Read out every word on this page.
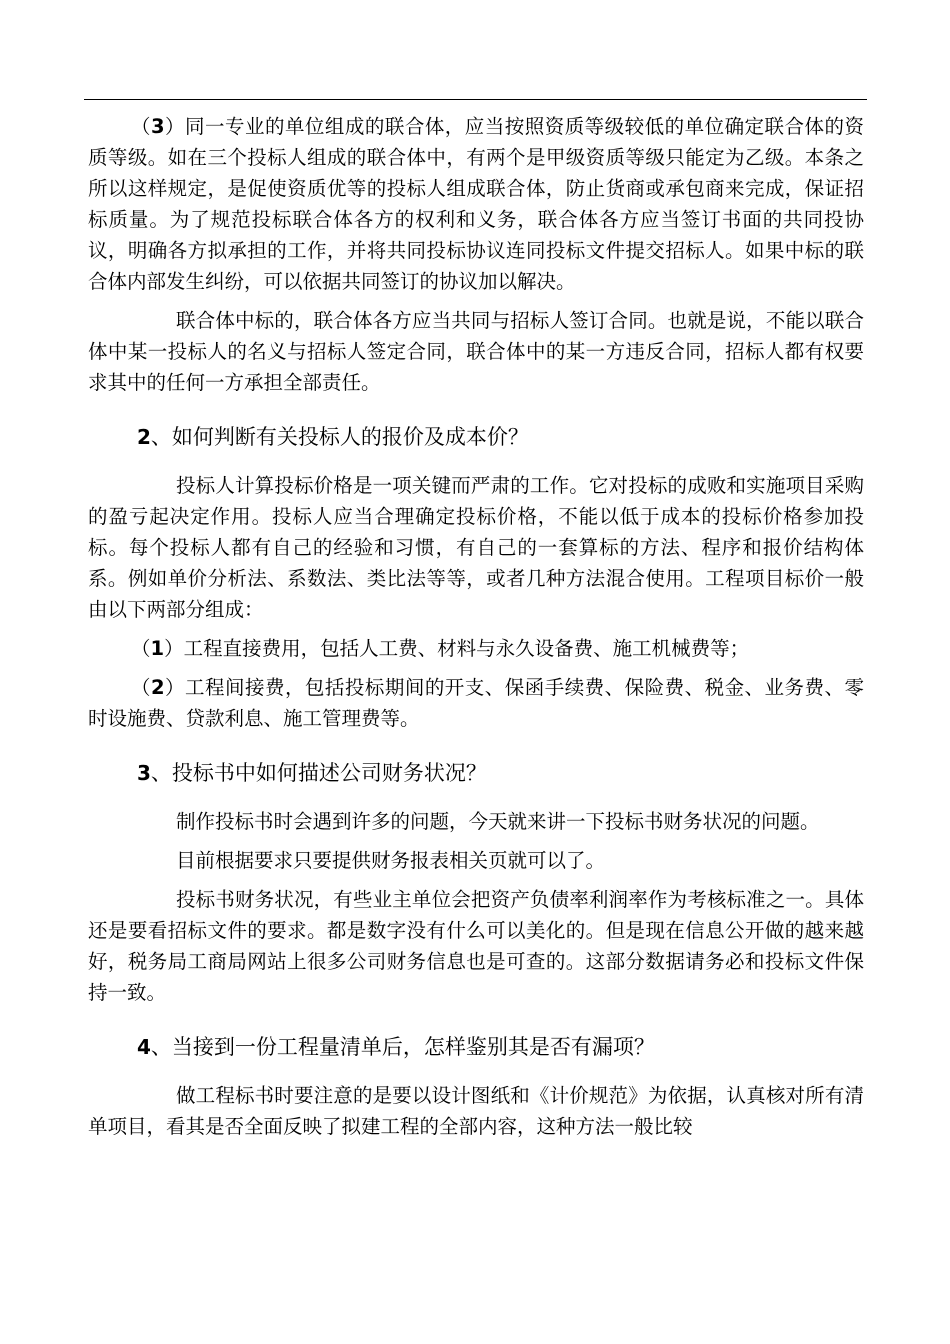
（3）同一专业的单位组成的联合体，应当按照资质等级较低的单位确定联合体的资质等级。如在三个投标人组成的联合体中，有两个是甲级资质等级只能定为乙级。本条之所以这样规定，是促使资质优等的投标人组成联合体，防止货商或承包商来完成，保证招标质量。为了规范投标联合体各方的权利和义务，联合体各方应当签订书面的共同投协议，明确各方拟承担的工作，并将共同投标协议连同投标文件提交招标人。如果中标的联合体内部发生纠纷，可以依据共同签订的协议加以解决。

联合体中标的，联合体各方应当共同与招标人签订合同。也就是说，不能以联合体中某一投标人的名义与招标人签定合同，联合体中的某一方违反合同，招标人都有权要求其中的任何一方承担全部责任。

2、如何判断有关投标人的报价及成本价？

投标人计算投标价格是一项关键而严肃的工作。它对投标的成败和实施项目采购的盈亏起决定作用。投标人应当合理确定投标价格，不能以低于成本的投标价格参加投标。每个投标人都有自己的经验和习惯，有自己的一套算标的方法、程序和报价结构体系。例如单价分析法、系数法、类比法等等，或者几种方法混合使用。工程项目标价一般由以下两部分组成：

（1）工程直接费用，包括人工费、材料与永久设备费、施工机械费等；

（2）工程间接费，包括投标期间的开支、保函手续费、保险费、税金、业务费、零时设施费、贷款利息、施工管理费等。

3、投标书中如何描述公司财务状况？

制作投标书时会遇到许多的问题，今天就来讲一下投标书财务状况的问题。

目前根据要求只要提供财务报表相关页就可以了。

投标书财务状况，有些业主单位会把资产负债率利润率作为考核标准之一。具体还是要看招标文件的要求。都是数字没有什么可以美化的。但是现在信息公开做的越来越好，税务局工商局网站上很多公司财务信息也是可查的。这部分数据请务必和投标文件保持一致。

4、当接到一份工程量清单后，怎样鉴别其是否有漏项？

做工程标书时要注意的是要以设计图纸和《计价规范》为依据，认真核对所有清单项目，看其是否全面反映了拟建工程的全部内容，这种方法一般比较
